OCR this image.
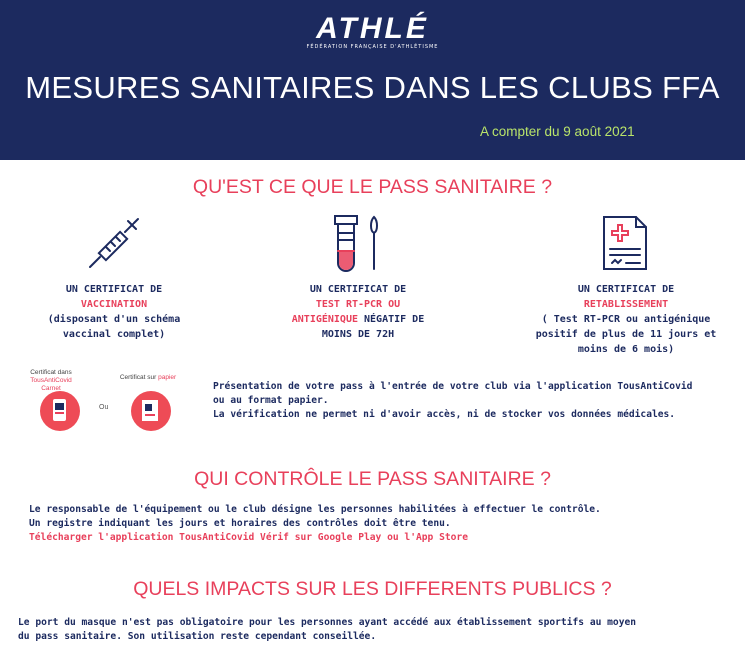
ATHLÉ
FÉDÉRATION FRANÇAISE D'ATHLÉTISME
MESURES SANITAIRES DANS LES CLUBS FFA
A compter du 9 août 2021
QU'EST CE QUE LE PASS SANITAIRE ?
UN CERTIFICAT DE
VACCINATION
(disposant d'un schéma
vaccinal complet)
UN CERTIFICAT DE
TEST RT-PCR OU
ANTIGÉNIQUE NÉGATIF DE
MOINS DE 72H
UN CERTIFICAT DE
RETABLISSEMENT
( Test RT-PCR ou antigénique
positif de plus de 11 jours et
moins de 6 mois)
Certificat dans
TousAntiCovid Carnet
Ou
Certificat sur papier
Présentation de votre pass à l'entrée de votre club via l'application TousAntiCovid
ou au format papier.
La vérification ne permet ni d'avoir accès, ni de stocker vos données médicales.
QUI CONTRÔLE LE PASS SANITAIRE ?
Le responsable de l'équipement ou le club désigne les personnes habilitées à effectuer le contrôle.
Un registre indiquant les jours et horaires des contrôles doit être tenu.
Télécharger l'application TousAntiCovid Vérif sur Google Play ou l'App Store
QUELS IMPACTS SUR LES DIFFERENTS PUBLICS ?
Le port du masque n'est pas obligatoire pour les personnes ayant accédé aux établissement sportifs au moyen
du pass sanitaire. Son utilisation reste cependant conseillée.
